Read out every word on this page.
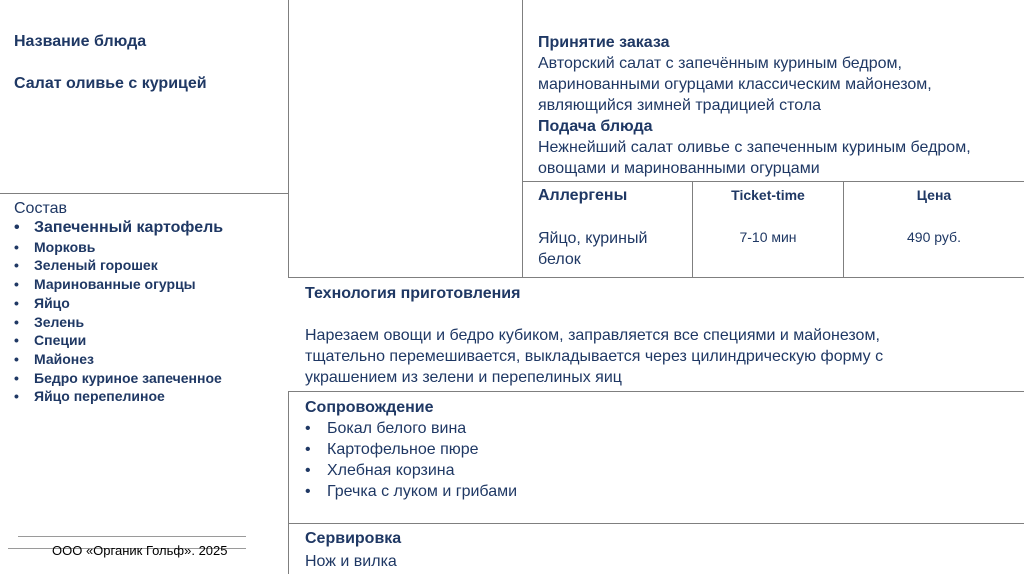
Название блюда
Салат оливье с курицей
Состав
• Запеченный картофель
• Морковь
• Зеленый горошек
• Маринованные огурцы
• Яйцо
• Зелень
• Специи
• Майонез
• Бедро куриное запеченное
• Яйцо перепелиное
Принятие заказа
Авторский салат с запечённым куриным бедром, маринованными огурцами классическим майонезом, являющийся зимней традицией стола
Подача блюда
Нежнейший салат оливье с запеченным куриным бедром, овощами и маринованными огурцами
Аллергены
Яйцо, куриный белок
Ticket-time
7-10 мин
Цена
490 руб.
Технология приготовления
Нарезаем овощи и бедро кубиком, заправляется все специями и майонезом, тщательно перемешивается, выкладывается через цилиндрическую форму с украшением из зелени и перепелиных яиц
Сопровождение
• Бокал белого вина
• Картофельное пюре
• Хлебная корзина
• Гречка с луком и грибами
Сервировка
Нож и вилка
ООО «Органик Гольф». 2025
